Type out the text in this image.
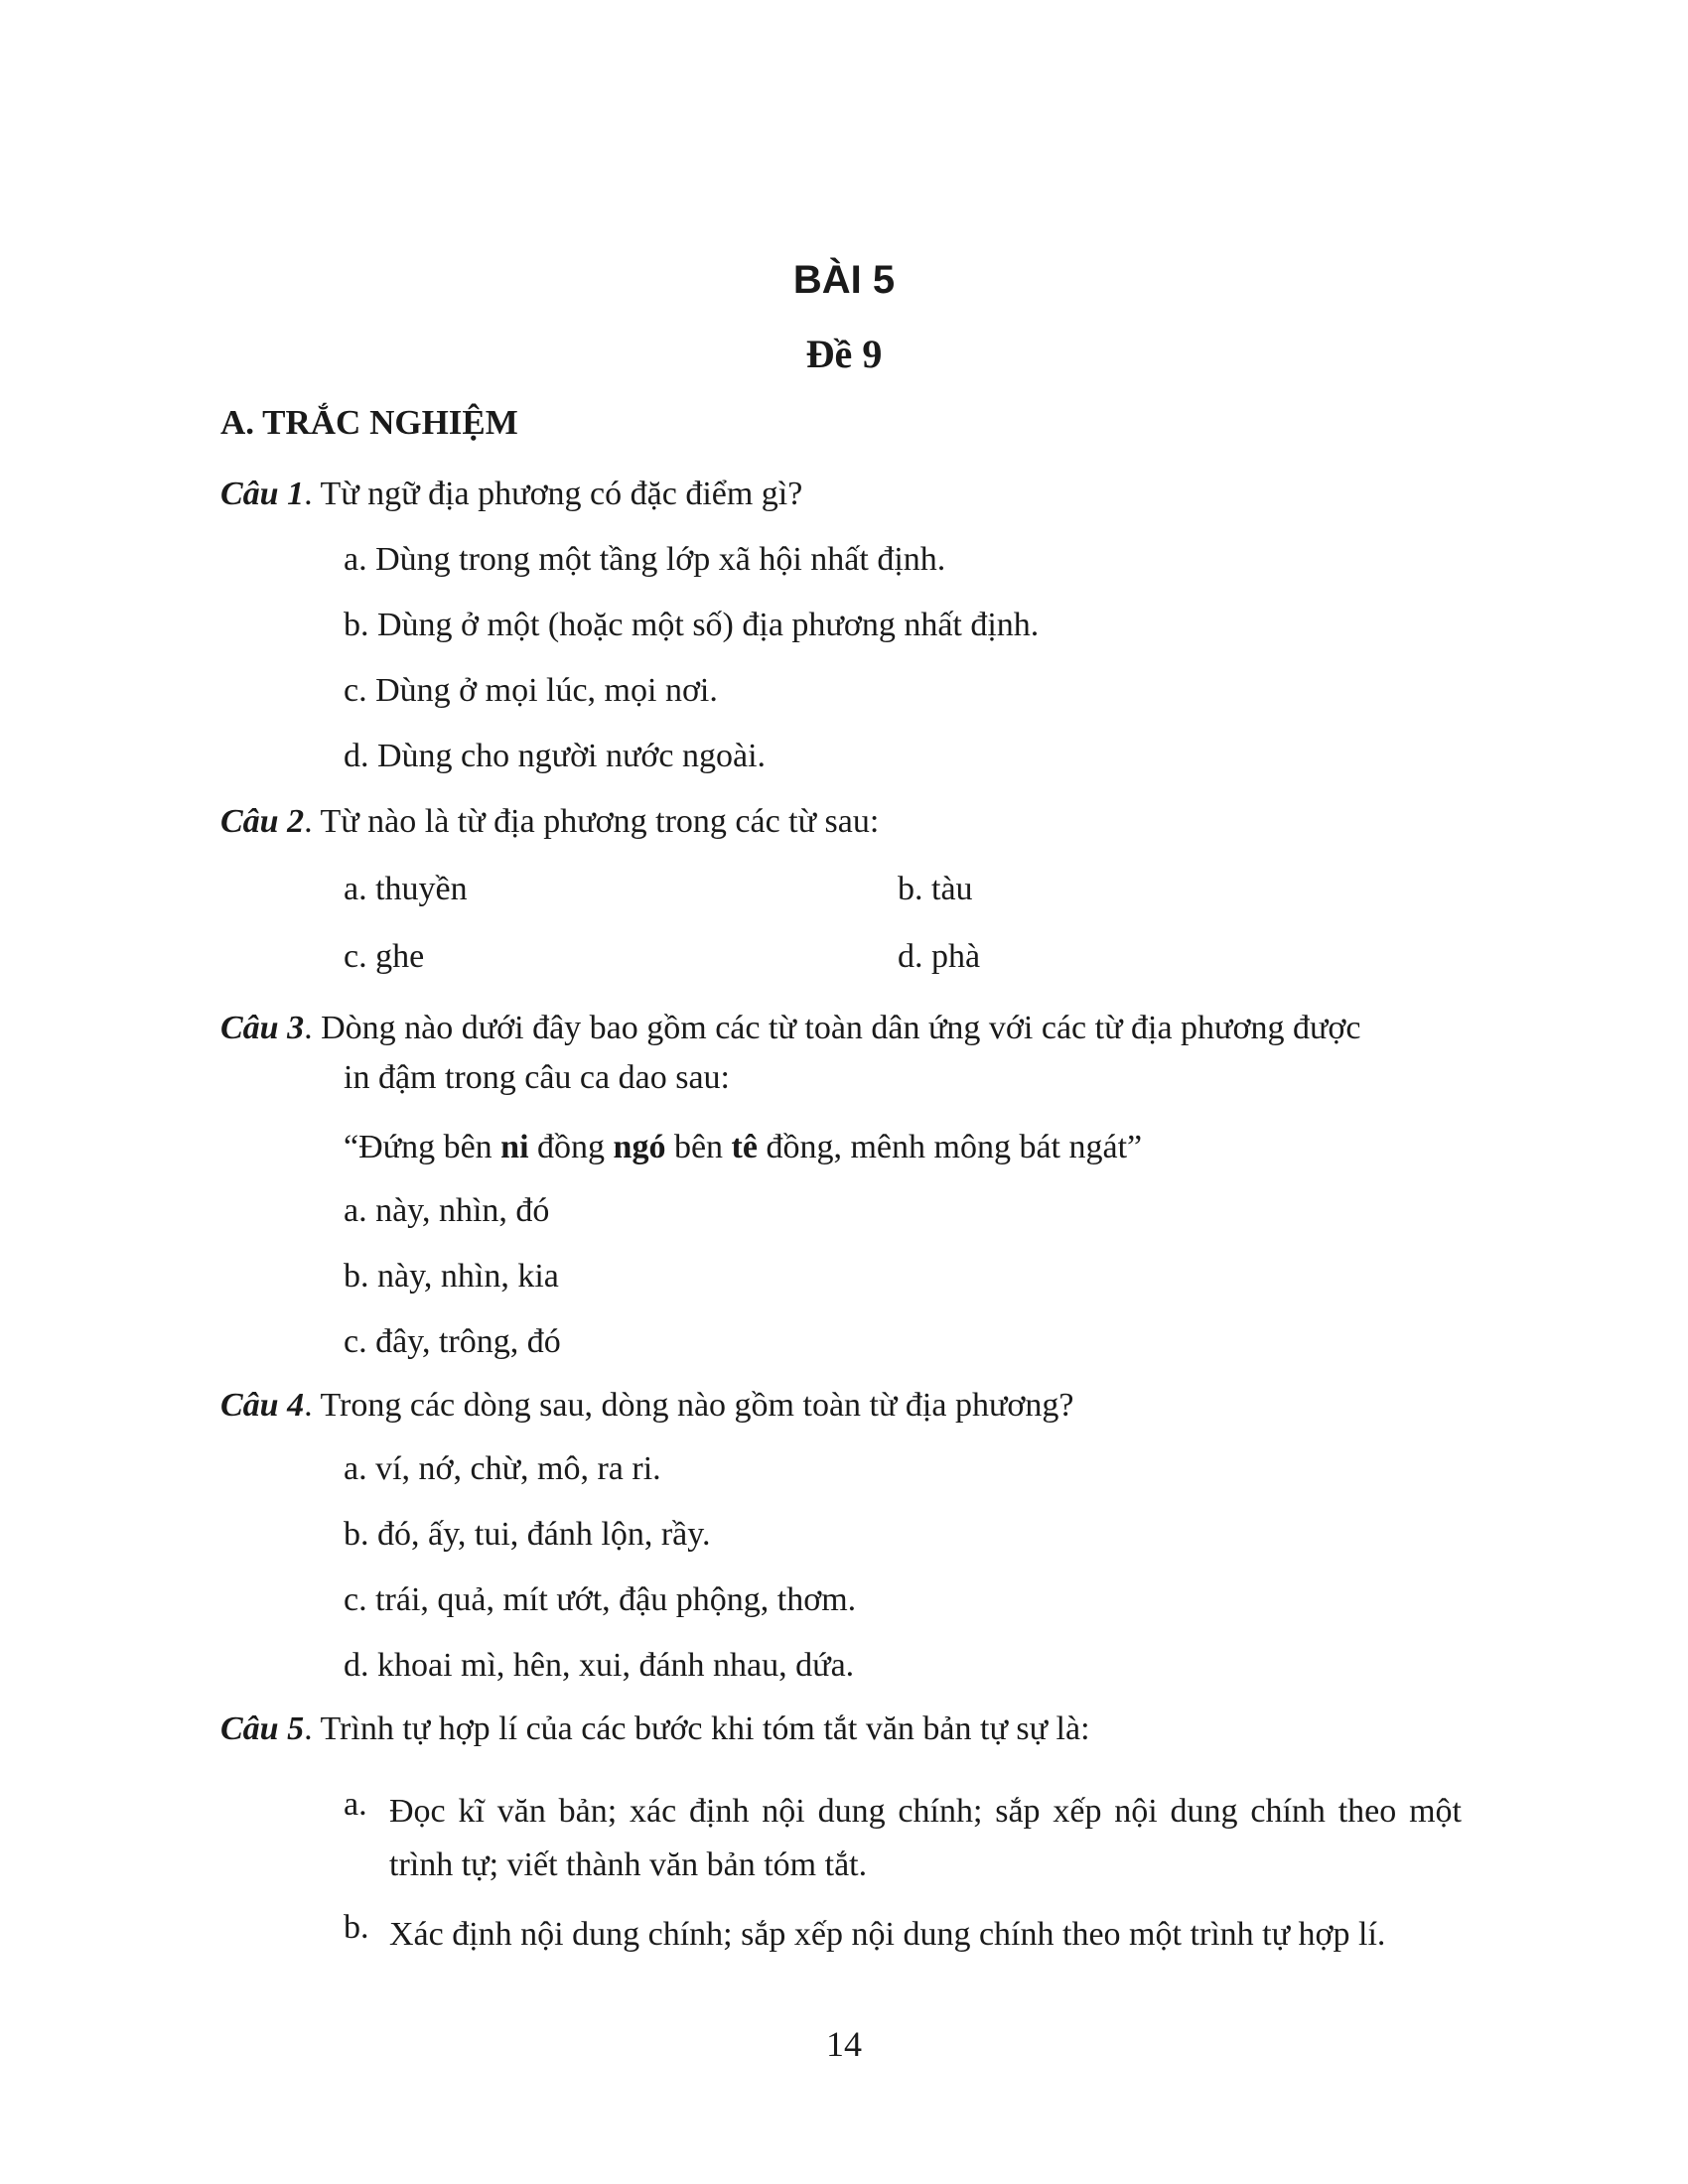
BÀI 5
Đề 9
A. TRẮC NGHIỆM
Câu 1. Từ ngữ địa phương có đặc điểm gì?
a. Dùng trong một tầng lớp xã hội nhất định.
b. Dùng ở một (hoặc một số) địa phương nhất định.
c. Dùng ở mọi lúc, mọi nơi.
d. Dùng cho người nước ngoài.
Câu 2. Từ nào là từ địa phương trong các từ sau:
a. thuyền	b. tàu
c. ghe	d. phà
Câu 3. Dòng nào dưới đây bao gồm các từ toàn dân ứng với các từ địa phương được
in đậm trong câu ca dao sau:
“Đứng bên ni đồng ngó bên tê đồng, mênh mông bát ngát”
a. này, nhìn, đó
b. này, nhìn, kia
c. đây, trông, đó
Câu 4. Trong các dòng sau, dòng nào gồm toàn từ địa phương?
a. ví, nớ, chừ, mô, ra ri.
b. đó, ấy, tui, đánh lộn, rầy.
c. trái, quả, mít ướt, đậu phộng, thơm.
d. khoai mì, hên, xui, đánh nhau, dứa.
Câu 5. Trình tự hợp lí của các bước khi tóm tắt văn bản tự sự là:
a. Đọc kĩ văn bản; xác định nội dung chính; sắp xếp nội dung chính theo một trình tự; viết thành văn bản tóm tắt.
b. Xác định nội dung chính; sắp xếp nội dung chính theo một trình tự hợp lí.
14
